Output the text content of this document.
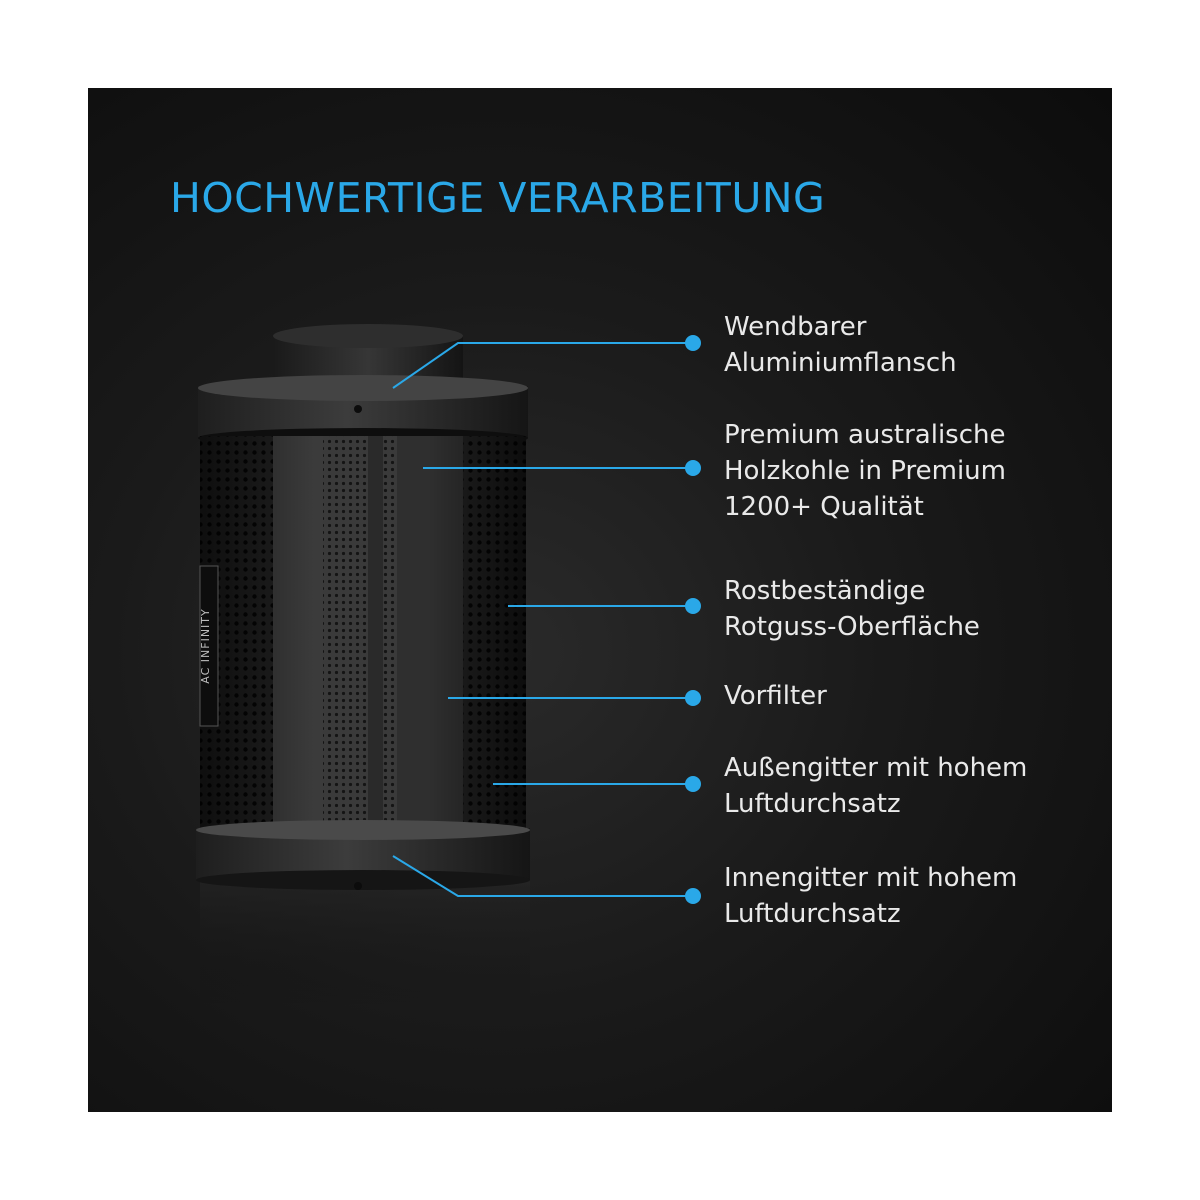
HOCHWERTIGE VERARBEITUNG
AC INFINITY
Wendbarer
Aluminiumflansch
Premium australische
Holzkohle in Premium
1200+ Qualität
Rostbeständige
Rotguss-Oberfläche
Vorfilter
Außengitter mit hohem
Luftdurchsatz
Innengitter mit hohem
Luftdurchsatz
